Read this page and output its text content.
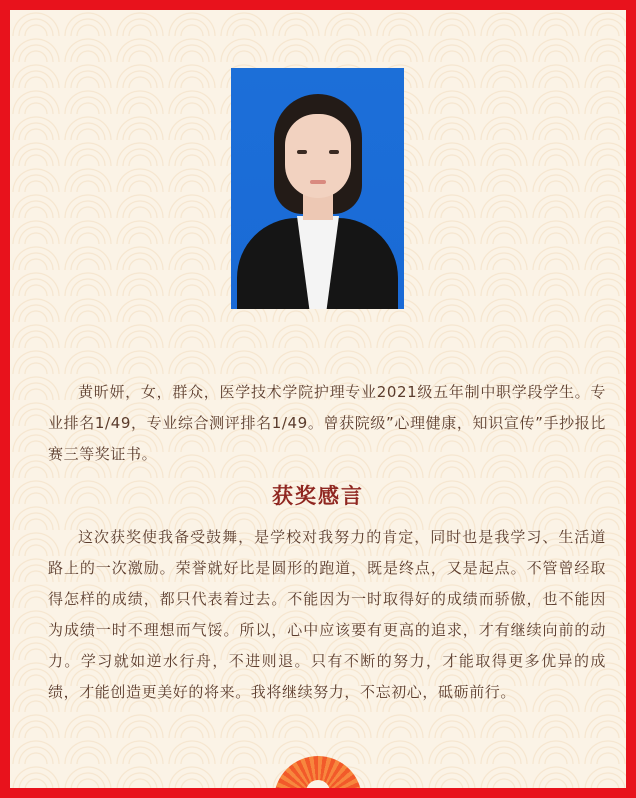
黄昕妍，女，群众，医学技术学院护理专业2021级五年制中职学段学生。专业排名1/49，专业综合测评排名1/49。曾获院级”心理健康，知识宣传”手抄报比赛三等奖证书。

获奖感言

这次获奖使我备受鼓舞，是学校对我努力的肯定，同时也是我学习、生活道路上的一次激励。荣誉就好比是圆形的跑道，既是终点，又是起点。不管曾经取得怎样的成绩，都只代表着过去。不能因为一时取得好的成绩而骄傲，也不能因为成绩一时不理想而气馁。所以，心中应该要有更高的追求，才有继续向前的动力。学习就如逆水行舟，不进则退。只有不断的努力，才能取得更多优异的成绩，才能创造更美好的将来。我将继续努力，不忘初心，砥砺前行。
